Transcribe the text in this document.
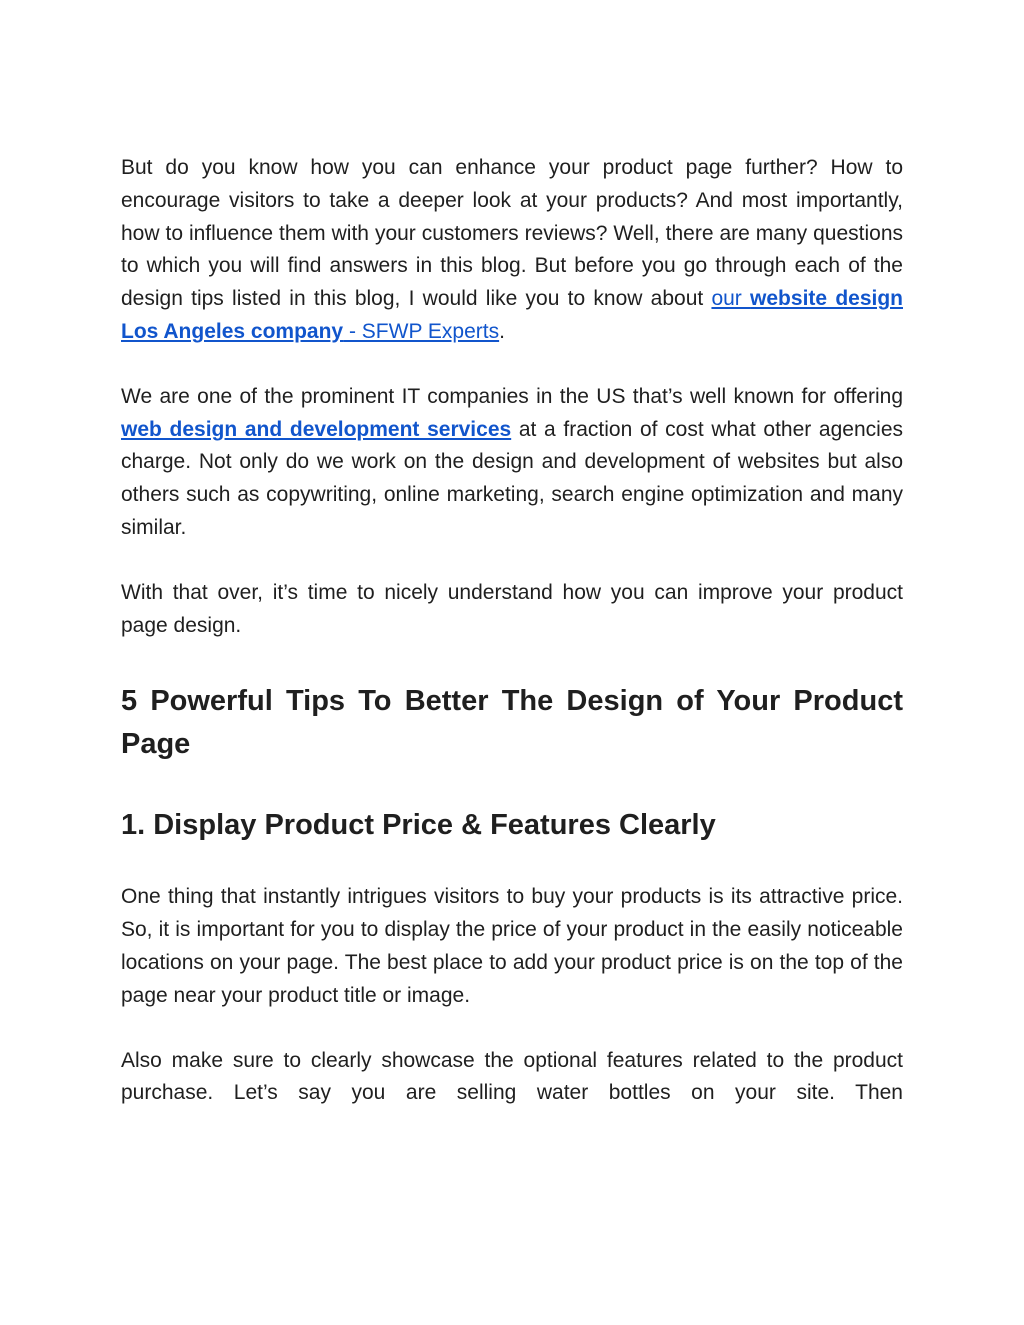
But do you know how you can enhance your product page further? How to encourage visitors to take a deeper look at your products? And most importantly, how to influence them with your customers reviews? Well, there are many questions to which you will find answers in this blog. But before you go through each of the design tips listed in this blog, I would like you to know about our website design Los Angeles company - SFWP Experts.

We are one of the prominent IT companies in the US that’s well known for offering web design and development services at a fraction of cost what other agencies charge. Not only do we work on the design and development of websites but also others such as copywriting, online marketing, search engine optimization and many similar.

With that over, it’s time to nicely understand how you can improve your product page design.

5 Powerful Tips To Better The Design of Your Product Page
1. Display Product Price & Features Clearly

One thing that instantly intrigues visitors to buy your products is its attractive price. So, it is important for you to display the price of your product in the easily noticeable locations on your page. The best place to add your product price is on the top of the page near your product title or image.

Also make sure to clearly showcase the optional features related to the product purchase. Let’s say you are selling water bottles on your site. Then
